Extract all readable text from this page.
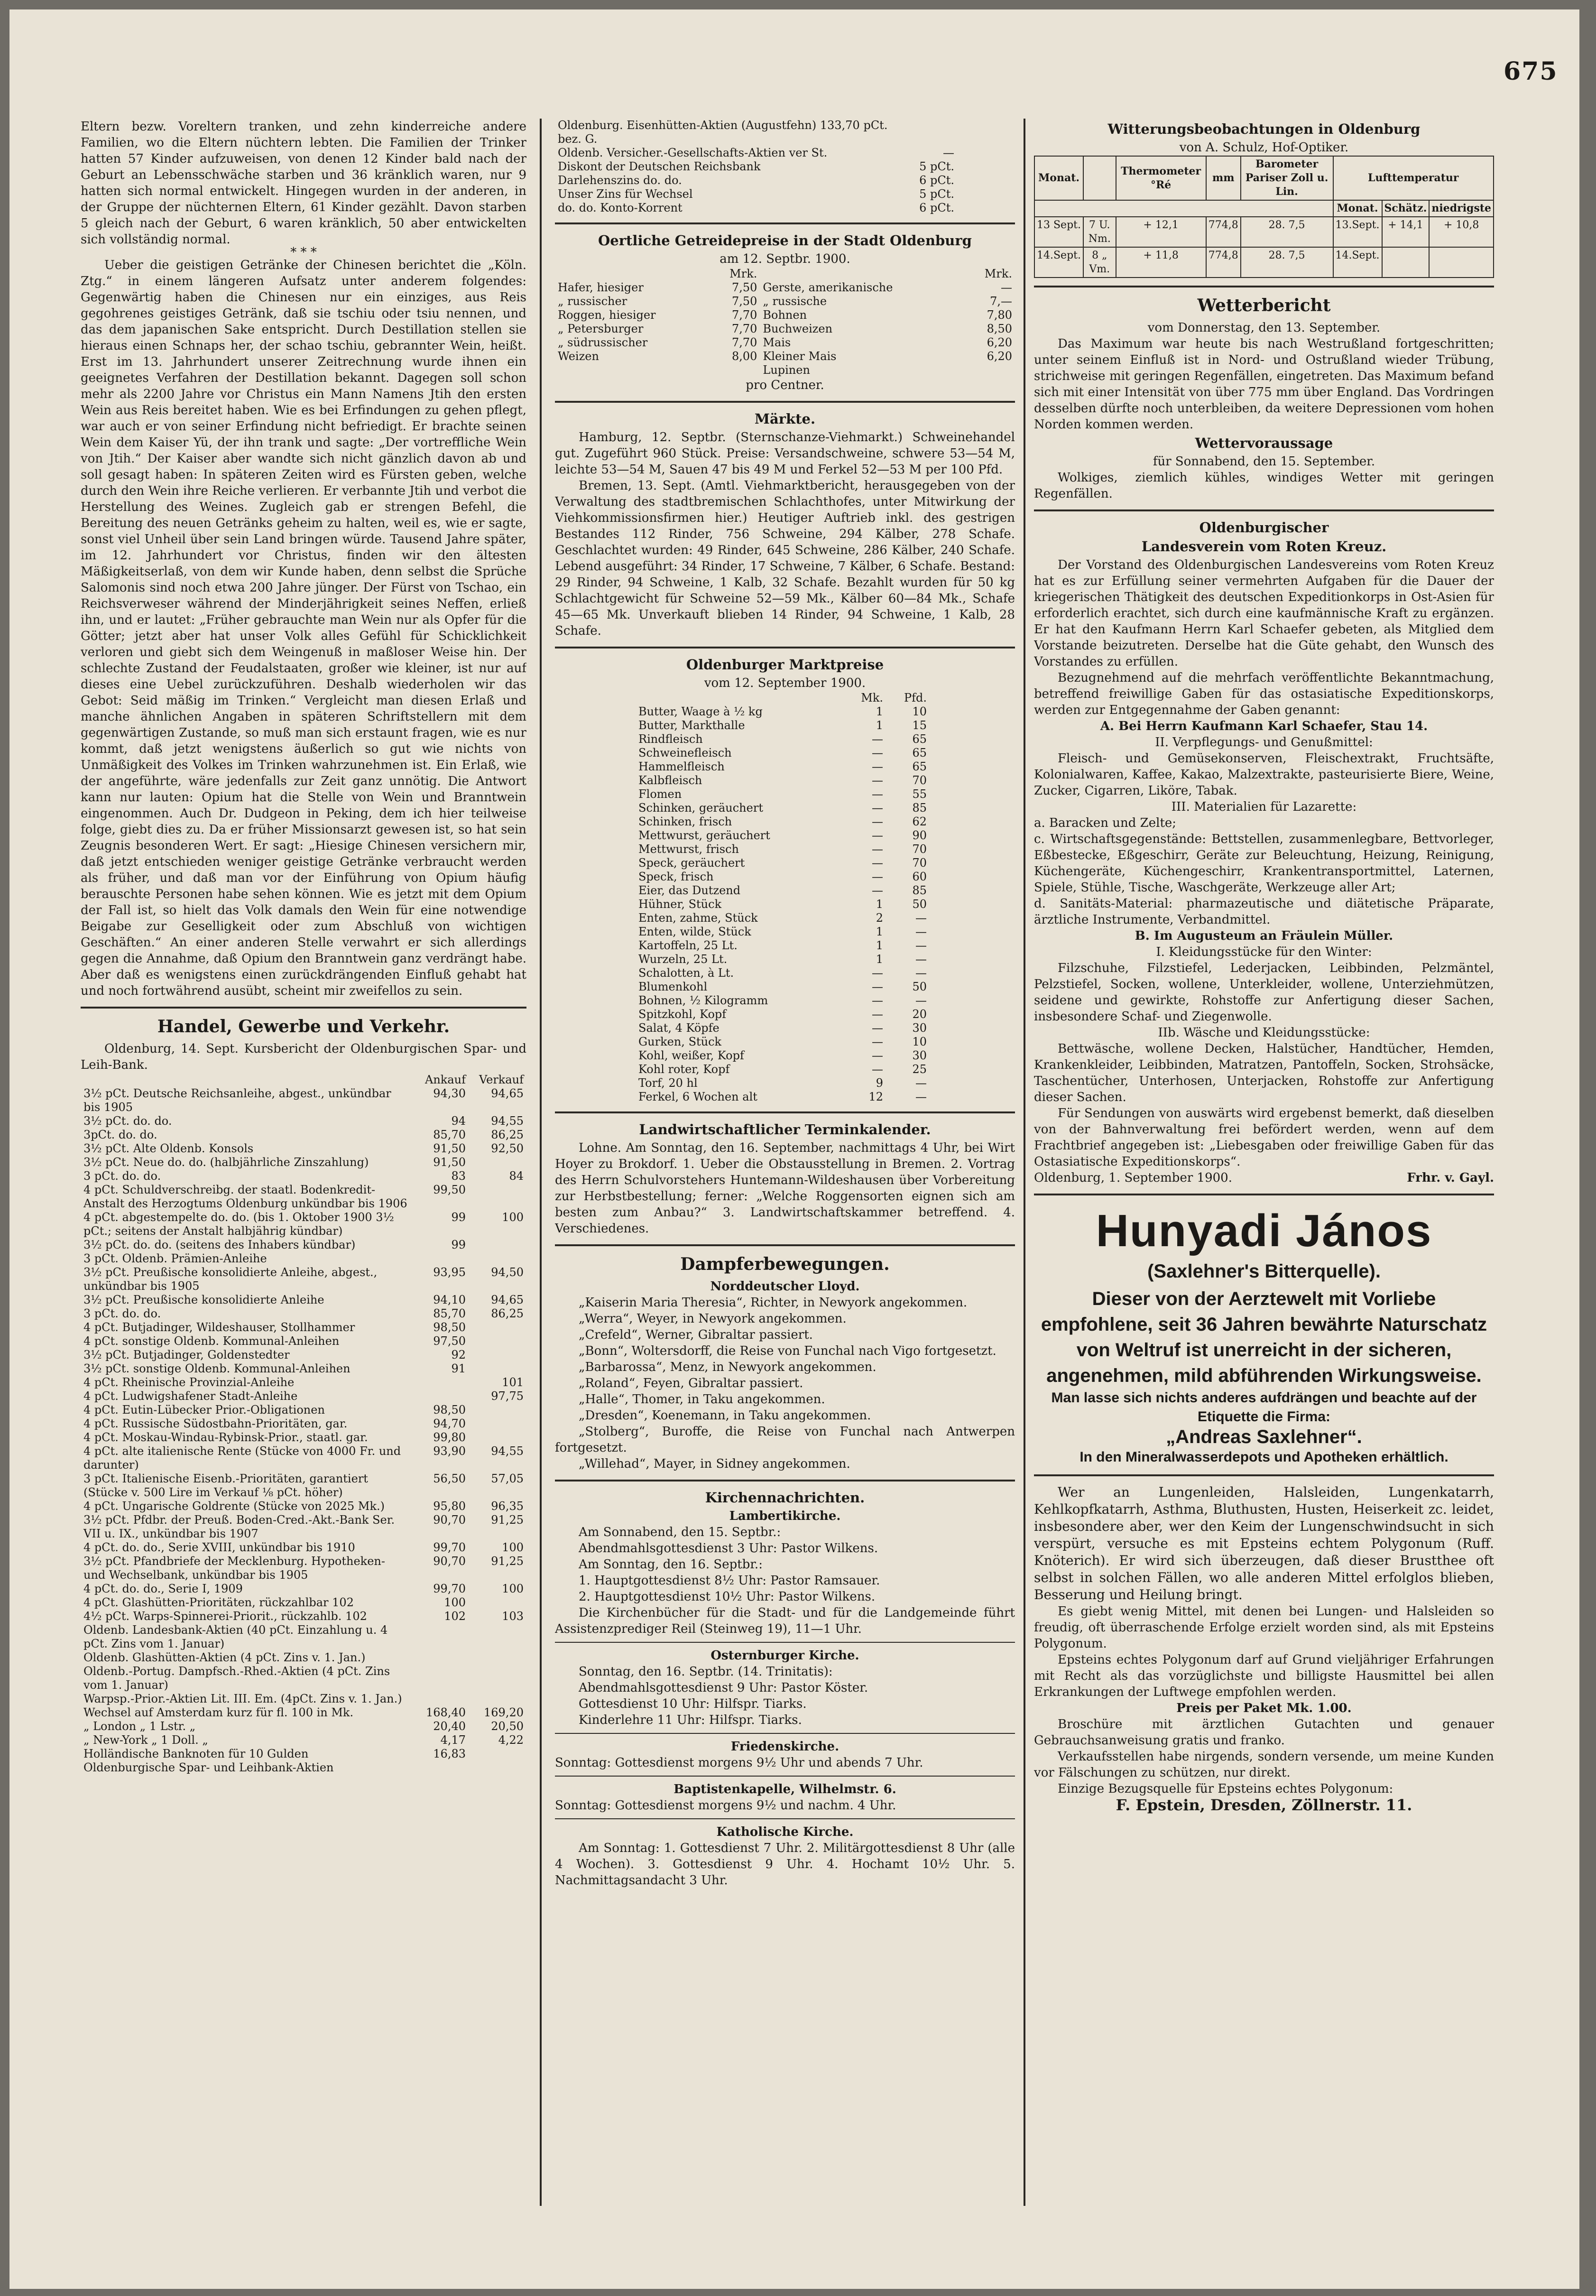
675

Eltern bezw. Voreltern tranken, und zehn kinderreiche andere Familien, wo die Eltern nüchtern lebten. Die Familien der Trinker hatten 57 Kinder aufzuweisen, von denen 12 Kinder bald nach der Geburt an Lebensschwäche starben und 36 kränklich waren, nur 9 hatten sich normal entwickelt. Hingegen wurden in der anderen, in der Gruppe der nüchternen Eltern, 61 Kinder gezählt. Davon starben 5 gleich nach der Geburt, 6 waren kränklich, 50 aber entwickelten sich vollständig normal.

* * *

Ueber die geistigen Getränke der Chinesen berichtet die „Köln. Ztg.“ in einem längeren Aufsatz unter anderem folgendes: Gegenwärtig haben die Chinesen nur ein einziges, aus Reis gegohrenes geistiges Getränk, daß sie tschiu oder tsiu nennen, und das dem japanischen Sake entspricht. Durch Destillation stellen sie hieraus einen Schnaps her, der schao tschiu, gebrannter Wein, heißt. Erst im 13. Jahrhundert unserer Zeitrechnung wurde ihnen ein geeignetes Verfahren der Destillation bekannt. Dagegen soll schon mehr als 2200 Jahre vor Christus ein Mann Namens Jtih den ersten Wein aus Reis bereitet haben. Wie es bei Erfindungen zu gehen pflegt, war auch er von seiner Erfindung nicht befriedigt. Er brachte seinen Wein dem Kaiser Yü, der ihn trank und sagte: „Der vortreffliche Wein von Jtih.“ Der Kaiser aber wandte sich nicht gänzlich davon ab und soll gesagt haben: In späteren Zeiten wird es Fürsten geben, welche durch den Wein ihre Reiche verlieren. Er verbannte Jtih und verbot die Herstellung des Weines. Zugleich gab er strengen Befehl, die Bereitung des neuen Getränks geheim zu halten, weil es, wie er sagte, sonst viel Unheil über sein Land bringen würde. Tausend Jahre später, im 12. Jahrhundert vor Christus, finden wir den ältesten Mäßigkeitserlaß, von dem wir Kunde haben, denn selbst die Sprüche Salomonis sind noch etwa 200 Jahre jünger. Der Fürst von Tschao, ein Reichsverweser während der Minderjährigkeit seines Neffen, erließ ihn, und er lautet: „Früher gebrauchte man Wein nur als Opfer für die Götter; jetzt aber hat unser Volk alles Gefühl für Schicklichkeit verloren und giebt sich dem Weingenuß in maßloser Weise hin. Der schlechte Zustand der Feudalstaaten, großer wie kleiner, ist nur auf dieses eine Uebel zurückzuführen. Deshalb wiederholen wir das Gebot: Seid mäßig im Trinken.“ Vergleicht man diesen Erlaß und manche ähnlichen Angaben in späteren Schriftstellern mit dem gegenwärtigen Zustande, so muß man sich erstaunt fragen, wie es nur kommt, daß jetzt wenigstens äußerlich so gut wie nichts von Unmäßigkeit des Volkes im Trinken wahrzunehmen ist. Ein Erlaß, wie der angeführte, wäre jedenfalls zur Zeit ganz unnötig. Die Antwort kann nur lauten: Opium hat die Stelle von Wein und Branntwein eingenommen. Auch Dr. Dudgeon in Peking, dem ich hier teilweise folge, giebt dies zu. Da er früher Missionsarzt gewesen ist, so hat sein Zeugnis besonderen Wert. Er sagt: „Hiesige Chinesen versichern mir, daß jetzt entschieden weniger geistige Getränke verbraucht werden als früher, und daß man vor der Einführung von Opium häufig berauschte Personen habe sehen können. Wie es jetzt mit dem Opium der Fall ist, so hielt das Volk damals den Wein für eine notwendige Beigabe zur Geselligkeit oder zum Abschluß von wichtigen Geschäften.“ An einer anderen Stelle verwahrt er sich allerdings gegen die Annahme, daß Opium den Branntwein ganz verdrängt habe. Aber daß es wenigstens einen zurückdrängenden Einfluß gehabt hat und noch fortwährend ausübt, scheint mir zweifellos zu sein.

Handel, Gewerbe und Verkehr.

Oldenburg, 14. Sept. Kursbericht der Oldenburgischen Spar- und Leih-Bank.

	Ankauf	Verkauf
3½ pCt. Deutsche Reichsanleihe, abgest., unkündbar bis 1905	94,30	94,65
3½ pCt. do. do.	94	94,55
3pCt. do. do.	85,70	86,25
3½ pCt. Alte Oldenb. Konsols	91,50	92,50
3½ pCt. Neue do. do. (halbjährliche Zinszahlung)	91,50	
3 pCt. do. do.	83	84
4 pCt. Schuldverschreibg. der staatl. Bodenkredit-Anstalt des Herzogtums Oldenburg unkündbar bis 1906	99,50	
4 pCt. abgestempelte do. do. (bis 1. Oktober 1900 3½ pCt.; seitens der Anstalt halbjährig kündbar)	99	100
3½ pCt. do. do. (seitens des Inhabers kündbar)	99	
3 pCt. Oldenb. Prämien-Anleihe		
3½ pCt. Preußische konsolidierte Anleihe, abgest., unkündbar bis 1905	93,95	94,50
3½ pCt. Preußische konsolidierte Anleihe	94,10	94,65
3 pCt. do. do.	85,70	86,25
4 pCt. Butjadinger, Wildeshauser, Stollhammer	98,50	
4 pCt. sonstige Oldenb. Kommunal-Anleihen	97,50	
3½ pCt. Butjadinger, Goldenstedter	92	
3½ pCt. sonstige Oldenb. Kommunal-Anleihen	91	
4 pCt. Rheinische Provinzial-Anleihe		101
4 pCt. Ludwigshafener Stadt-Anleihe		97,75
4 pCt. Eutin-Lübecker Prior.-Obligationen	98,50	
4 pCt. Russische Südostbahn-Prioritäten, gar.	94,70	
4 pCt. Moskau-Windau-Rybinsk-Prior., staatl. gar.	99,80	
4 pCt. alte italienische Rente (Stücke von 4000 Fr. und darunter)	93,90	94,55
3 pCt. Italienische Eisenb.-Prioritäten, garantiert (Stücke v. 500 Lire im Verkauf ⅛ pCt. höher)	56,50	57,05
4 pCt. Ungarische Goldrente (Stücke von 2025 Mk.)	95,80	96,35
3½ pCt. Pfdbr. der Preuß. Boden-Cred.-Akt.-Bank Ser. VII u. IX., unkündbar bis 1907	90,70	91,25
4 pCt. do. do., Serie XVIII, unkündbar bis 1910	99,70	100
3½ pCt. Pfandbriefe der Mecklenburg. Hypotheken- und Wechselbank, unkündbar bis 1905	90,70	91,25
4 pCt. do. do., Serie I, 1909	99,70	100
4 pCt. Glashütten-Prioritäten, rückzahlbar 102	100	
4½ pCt. Warps-Spinnerei-Priorit., rückzahlb. 102	102	103
Oldenb. Landesbank-Aktien (40 pCt. Einzahlung u. 4 pCt. Zins vom 1. Januar)		
Oldenb. Glashütten-Aktien (4 pCt. Zins v. 1. Jan.)		
Oldenb.-Portug. Dampfsch.-Rhed.-Aktien (4 pCt. Zins vom 1. Januar)		
Warpsp.-Prior.-Aktien Lit. III. Em. (4pCt. Zins v. 1. Jan.)		
Wechsel auf Amsterdam kurz für fl. 100 in Mk.	168,40	169,20
„ London „ 1 Lstr. „	20,40	20,50
„ New-York „ 1 Doll. „	4,17	4,22
Holländische Banknoten für 10 Gulden	16,83	
Oldenburgische Spar- und Leihbank-Aktien		
Oldenburg. Eisenhütten-Aktien (Augustfehn) 133,70 pCt. bez. G.		
Oldenb. Versicher.-Gesellschafts-Aktien ver St.	—	
Diskont der Deutschen Reichsbank	5 pCt.	
Darlehenszins do. do.	6 pCt.	
Unser Zins für Wechsel	5 pCt.	
do. do. Konto-Korrent	6 pCt.	
Oertliche Getreidepreise in der Stadt Oldenburg
am 12. Septbr. 1900.
	Mrk.		Mrk.
Hafer, hiesiger	7,50	Gerste, amerikanische	—
„ russischer	7,50	„ russische	7,—
Roggen, hiesiger	7,70	Bohnen	7,80
„ Petersburger	7,70	Buchweizen	8,50
„ südrussischer	7,70	Mais	6,20
Weizen	8,00	Kleiner Mais	6,20
		Lupinen	
pro Centner.
Märkte.

Hamburg, 12. Septbr. (Sternschanze-Viehmarkt.) Schweinehandel gut. Zugeführt 960 Stück. Preise: Versandschweine, schwere 53—54 M, leichte 53—54 M, Sauen 47 bis 49 M und Ferkel 52—53 M per 100 Pfd.

Bremen, 13. Sept. (Amtl. Viehmarktbericht, herausgegeben von der Verwaltung des stadtbremischen Schlachthofes, unter Mitwirkung der Viehkommissionsfirmen hier.) Heutiger Auftrieb inkl. des gestrigen Bestandes 112 Rinder, 756 Schweine, 294 Kälber, 278 Schafe. Geschlachtet wurden: 49 Rinder, 645 Schweine, 286 Kälber, 240 Schafe. Lebend ausgeführt: 34 Rinder, 17 Schweine, 7 Kälber, 6 Schafe. Bestand: 29 Rinder, 94 Schweine, 1 Kalb, 32 Schafe. Bezahlt wurden für 50 kg Schlachtgewicht für Schweine 52—59 Mk., Kälber 60—84 Mk., Schafe 45—65 Mk. Unverkauft blieben 14 Rinder, 94 Schweine, 1 Kalb, 28 Schafe.

Oldenburger Marktpreise
vom 12. September 1900.
	Mk.	Pfd.
Butter, Waage à ½ kg	1	10
Butter, Markthalle	1	15
Rindfleisch	—	65
Schweinefleisch	—	65
Hammelfleisch	—	65
Kalbfleisch	—	70
Flomen	—	55
Schinken, geräuchert	—	85
Schinken, frisch	—	62
Mettwurst, geräuchert	—	90
Mettwurst, frisch	—	70
Speck, geräuchert	—	70
Speck, frisch	—	60
Eier, das Dutzend	—	85
Hühner, Stück	1	50
Enten, zahme, Stück	2	—
Enten, wilde, Stück	1	—
Kartoffeln, 25 Lt.	1	—
Wurzeln, 25 Lt.	1	—
Schalotten, à Lt.	—	—
Blumenkohl	—	50
Bohnen, ½ Kilogramm	—	—
Spitzkohl, Kopf	—	20
Salat, 4 Köpfe	—	30
Gurken, Stück	—	10
Kohl, weißer, Kopf	—	30
Kohl roter, Kopf	—	25
Torf, 20 hl	9	—
Ferkel, 6 Wochen alt	12	—
Landwirtschaftlicher Terminkalender.

Lohne. Am Sonntag, den 16. September, nachmittags 4 Uhr, bei Wirt Hoyer zu Brokdorf. 1. Ueber die Obstausstellung in Bremen. 2. Vortrag des Herrn Schulvorstehers Huntemann-Wildeshausen über Vorbereitung zur Herbstbestellung; ferner: „Welche Roggensorten eignen sich am besten zum Anbau?“ 3. Landwirtschaftskammer betreffend. 4. Verschiedenes.

Dampferbewegungen.
Norddeutscher Lloyd.

„Kaiserin Maria Theresia“, Richter, in Newyork angekommen.

„Werra“, Weyer, in Newyork angekommen.

„Crefeld“, Werner, Gibraltar passiert.

„Bonn“, Woltersdorff, die Reise von Funchal nach Vigo fortgesetzt.

„Barbarossa“, Menz, in Newyork angekommen.

„Roland“, Feyen, Gibraltar passiert.

„Halle“, Thomer, in Taku angekommen.

„Dresden“, Koenemann, in Taku angekommen.

„Stolberg“, Buroffe, die Reise von Funchal nach Antwerpen fortgesetzt.

„Willehad“, Mayer, in Sidney angekommen.

Kirchennachrichten.
Lambertikirche.

Am Sonnabend, den 15. Septbr.:

Abendmahlsgottesdienst 3 Uhr: Pastor Wilkens.

Am Sonntag, den 16. Septbr.:

1. Hauptgottesdienst 8½ Uhr: Pastor Ramsauer.

2. Hauptgottesdienst 10½ Uhr: Pastor Wilkens.

Die Kirchenbücher für die Stadt- und für die Landgemeinde führt Assistenzprediger Reil (Steinweg 19), 11—1 Uhr.

Osternburger Kirche.

Sonntag, den 16. Septbr. (14. Trinitatis):

Abendmahlsgottesdienst 9 Uhr: Pastor Köster.

Gottesdienst 10 Uhr: Hilfspr. Tiarks.

Kinderlehre 11 Uhr: Hilfspr. Tiarks.

Friedenskirche.

Sonntag: Gottesdienst morgens 9½ Uhr und abends 7 Uhr.

Baptistenkapelle, Wilhelmstr. 6.

Sonntag: Gottesdienst morgens 9½ und nachm. 4 Uhr.

Katholische Kirche.

Am Sonntag: 1. Gottesdienst 7 Uhr. 2. Militärgottesdienst 8 Uhr (alle 4 Wochen). 3. Gottesdienst 9 Uhr. 4. Hochamt 10½ Uhr. 5. Nachmittagsandacht 3 Uhr.

Witterungsbeobachtungen in Oldenburg
von A. Schulz, Hof-Optiker.
Monat.		Thermometer °Ré	mm	Barometer Pariser Zoll u. Lin.	Lufttemperatur		
					Monat.	Schätz.	niedrigste
13 Sept.	7 U. Nm.	+ 12,1	774,8	28. 7,5	13.Sept.	+ 14,1	+ 10,8
14.Sept.	8 „ Vm.	+ 11,8	774,8	28. 7,5	14.Sept.		
Wetterbericht
vom Donnerstag, den 13. September.

Das Maximum war heute bis nach Westrußland fortgeschritten; unter seinem Einfluß ist in Nord- und Ostrußland wieder Trübung, strichweise mit geringen Regenfällen, eingetreten. Das Maximum befand sich mit einer Intensität von über 775 mm über England. Das Vordringen desselben dürfte noch unterbleiben, da weitere Depressionen vom hohen Norden kommen werden.

Wettervoraussage
für Sonnabend, den 15. September.

Wolkiges, ziemlich kühles, windiges Wetter mit geringen Regenfällen.

Oldenburgischer
Landesverein vom Roten Kreuz.

Der Vorstand des Oldenburgischen Landesvereins vom Roten Kreuz hat es zur Erfüllung seiner vermehrten Aufgaben für die Dauer der kriegerischen Thätigkeit des deutschen Expeditionkorps in Ost-Asien für erforderlich erachtet, sich durch eine kaufmännische Kraft zu ergänzen. Er hat den Kaufmann Herrn Karl Schaefer gebeten, als Mitglied dem Vorstande beizutreten. Derselbe hat die Güte gehabt, den Wunsch des Vorstandes zu erfüllen.

Bezugnehmend auf die mehrfach veröffentlichte Bekanntmachung, betreffend freiwillige Gaben für das ostasiatische Expeditionskorps, werden zur Entgegennahme der Gaben genannt:

A. Bei Herrn Kaufmann Karl Schaefer, Stau 14.
II. Verpflegungs- und Genußmittel:

Fleisch- und Gemüsekonserven, Fleischextrakt, Fruchtsäfte, Kolonialwaren, Kaffee, Kakao, Malzextrakte, pasteurisierte Biere, Weine, Zucker, Cigarren, Liköre, Tabak.

III. Materialien für Lazarette:

a. Baracken und Zelte;

c. Wirtschaftsgegenstände: Bettstellen, zusammenlegbare, Bettvorleger, Eßbestecke, Eßgeschirr, Geräte zur Beleuchtung, Heizung, Reinigung, Küchengeräte, Küchengeschirr, Krankentransportmittel, Laternen, Spiele, Stühle, Tische, Waschgeräte, Werkzeuge aller Art;

d. Sanitäts-Material: pharmazeutische und diätetische Präparate, ärztliche Instrumente, Verbandmittel.

B. Im Augusteum an Fräulein Müller.
I. Kleidungsstücke für den Winter:

Filzschuhe, Filzstiefel, Lederjacken, Leibbinden, Pelzmäntel, Pelzstiefel, Socken, wollene, Unterkleider, wollene, Unterziehmützen, seidene und gewirkte, Rohstoffe zur Anfertigung dieser Sachen, insbesondere Schaf- und Ziegenwolle.

IIb. Wäsche und Kleidungsstücke:

Bettwäsche, wollene Decken, Halstücher, Handtücher, Hemden, Krankenkleider, Leibbinden, Matratzen, Pantoffeln, Socken, Strohsäcke, Taschentücher, Unterhosen, Unterjacken, Rohstoffe zur Anfertigung dieser Sachen.

Für Sendungen von auswärts wird ergebenst bemerkt, daß dieselben von der Bahnverwaltung frei befördert werden, wenn auf dem Frachtbrief angegeben ist: „Liebesgaben oder freiwillige Gaben für das Ostasiatische Expeditionskorps“.

Oldenburg, 1. September 1900.	Frhr. v. Gayl.

Hunyadi János
(Saxlehner's Bitterquelle).
Dieser von der Aerztewelt mit Vorliebe empfohlene, seit 36 Jahren bewährte Naturschatz von Weltruf ist unerreicht in der sicheren, angenehmen, mild abführenden Wirkungsweise.
Man lasse sich nichts anderes aufdrängen und beachte auf der Etiquette die Firma:
„Andreas Saxlehner“.
In den Mineralwasserdepots und Apotheken erhältlich.

Wer an Lungenleiden, Halsleiden, Lungenkatarrh, Kehlkopfkatarrh, Asthma, Bluthusten, Husten, Heiserkeit zc. leidet, insbesondere aber, wer den Keim der Lungenschwindsucht in sich verspürt, versuche es mit Epsteins echtem Polygonum (Ruff. Knöterich). Er wird sich überzeugen, daß dieser Brustthee oft selbst in solchen Fällen, wo alle anderen Mittel erfolglos blieben, Besserung und Heilung bringt.

Es giebt wenig Mittel, mit denen bei Lungen- und Halsleiden so freudig, oft überraschende Erfolge erzielt worden sind, als mit Epsteins Polygonum.

Epsteins echtes Polygonum darf auf Grund vieljähriger Erfahrungen mit Recht als das vorzüglichste und billigste Hausmittel bei allen Erkrankungen der Luftwege empfohlen werden.

Preis per Paket Mk. 1.00.

Broschüre mit ärztlichen Gutachten und genauer Gebrauchsanweisung gratis und franko.

Verkaufsstellen habe nirgends, sondern versende, um meine Kunden vor Fälschungen zu schützen, nur direkt.

Einzige Bezugsquelle für Epsteins echtes Polygonum:

F. Epstein, Dresden, Zöllnerstr. 11.
